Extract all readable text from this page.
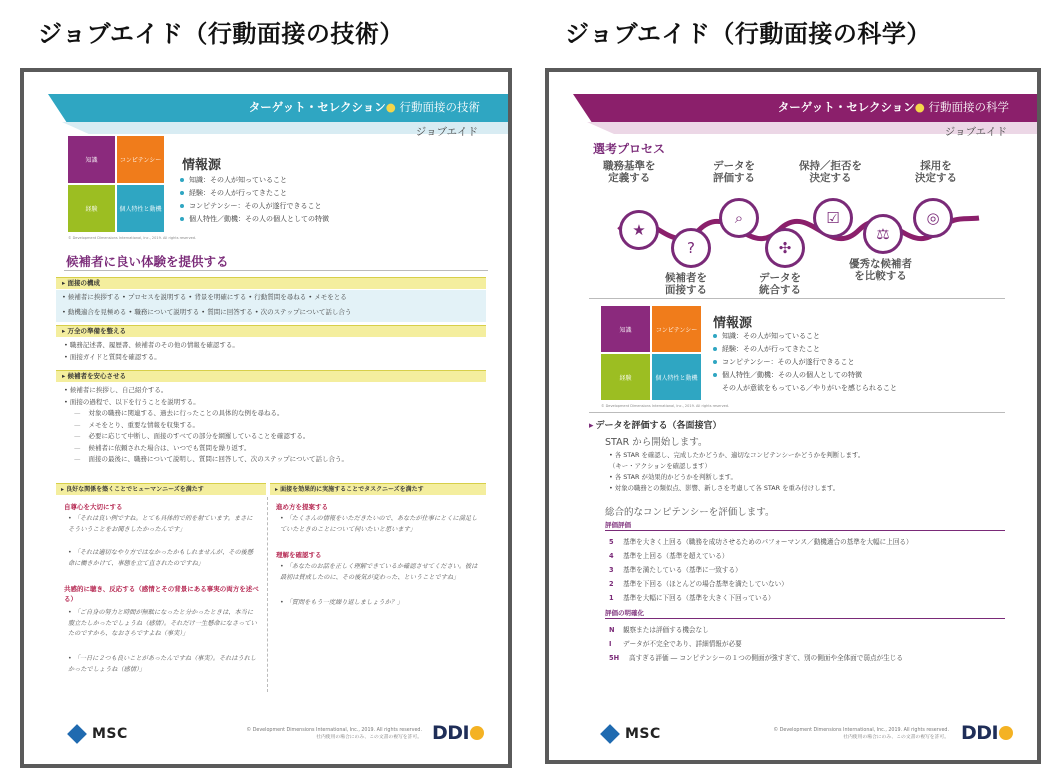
ジョブエイド（行動面接の技術）	ジョブエイド（行動面接の科学）
ターゲット・セレクション● 行動面接の技術
ジョブエイド
知識	コンピテンシー
経験	個人特性と動機
© Development Dimensions International, Inc., 2019. All rights reserved.
情報源
知識：その人が知っていること
経験：その人が行ってきたこと
コンピテンシー：その人が遂行できること
個人特性／動機：その人の個人としての特徴
候補者に良い体験を提供する
▸ 面接の構成
• 候補者に挨拶する • プロセスを説明する • 背景を明確にする • 行動質問を尋ねる • メモをとる
• 動機適合を見極める • 職務について説明する • 質問に回答する • 次のステップについて話し合う
▸ 万全の準備を整える
• 職務記述書、履歴書、候補者のその他の情報を確認する。
• 面接ガイドと質問を確認する。
▸ 候補者を安心させる
• 候補者に挨拶し、自己紹介する。
• 面接の過程で、以下を行うことを説明する。
— 対象の職務に関連する、過去に行ったことの具体的な例を尋ねる。
— メモをとり、重要な情報を収集する。
— 必要に応じて中断し、面接のすべての部分を網羅していることを確認する。
— 候補者に依頼された場合は、いつでも質問を繰り返す。
— 面接の最後に、職務について説明し、質問に回答して、次のステップについて話し合う。
▸ 良好な関係を築くことでヒューマンニーズを満たす	▸ 面接を効果的に実施することでタスクニーズを満たす
自尊心を大切にする
• 「それは良い例ですね。とても具体的で的を射ています。まさにそういうことをお聞きしたかったんです」
• 「それは適切なやり方ではなかったかもしれませんが、その後懸命に働きかけて、事態を立て直されたのですね」
共感的に聴き、反応する（感情とその背景にある事実の両方を述べる）
• 「ご自身の努力と時間が無駄になったと分かったときは、本当に腹立たしかったでしょうね（感情）。それだけ一生懸命になさっていたのですから、なおさらですよね（事実）」
• 「一日に２つも良いことがあったんですね（事実）。それはうれしかったでしょうね（感情）」
進め方を提案する
• 「たくさんの情報をいただきたいので、あなたが仕事にとくに満足していたときのことについて伺いたいと思います」
理解を確認する
• 「あなたのお話を正しく理解できているか確認させてください。彼は最初は賛成したのに、その後気が変わった、ということですね」
• 「質問をもう一度繰り返しましょうか？」
MSC	© Development Dimensions International, Inc., 2019. All rights reserved.
社内使用の場合にのみ、この文書の複写を許可。 DDI
ターゲット・セレクション● 行動面接の科学
ジョブエイド
選考プロセス
職務基準を
定義する
データを
評価する
保持／拒否を
決定する
採用を
決定する
★
?
⌕
✣
☑
⚖
◎
候補者を
面接する
データを
統合する
優秀な候補者
を比較する
知識	コンピテンシー
経験	個人特性と動機
© Development Dimensions International, Inc., 2019. All rights reserved.
情報源
知識：その人が知っていること
経験：その人が行ってきたこと
コンピテンシー：その人が遂行できること
個人特性／動機：その人の個人としての特徴
その人が意欲をもっている／やりがいを感じられること
▸ データを評価する（各面接官）
STAR から開始します。
• 各 STAR を確認し、完成したかどうか、適切なコンピテンシーかどうかを判断します。
（キー・アクションを確認します）
• 各 STAR が効果的かどうかを判断します。
• 対象の職務との類似点、影響、新しさを考慮して各 STAR を重み付けします。
総合的なコンピテンシーを評価します。
評価評価
5 基準を大きく上回る（職務を成功させるためのパフォーマンス／動機適合の基準を大幅に上回る）
4 基準を上回る（基準を超えている）
3 基準を満たしている（基準に一致する）
2 基準を下回る（ほとんどの場合基準を満たしていない）
1 基準を大幅に下回る（基準を大きく下回っている）
評価の明確化
N 観察または評価する機会なし
I データが不完全であり、詳細情報が必要
5H 高すぎる評価 ― コンピテンシーの１つの側面が強すぎて、別の側面や全体面で弱点が生じる
MSC	© Development Dimensions International, Inc., 2019. All rights reserved.
社内使用の場合にのみ、この文書の複写を許可。 DDI
